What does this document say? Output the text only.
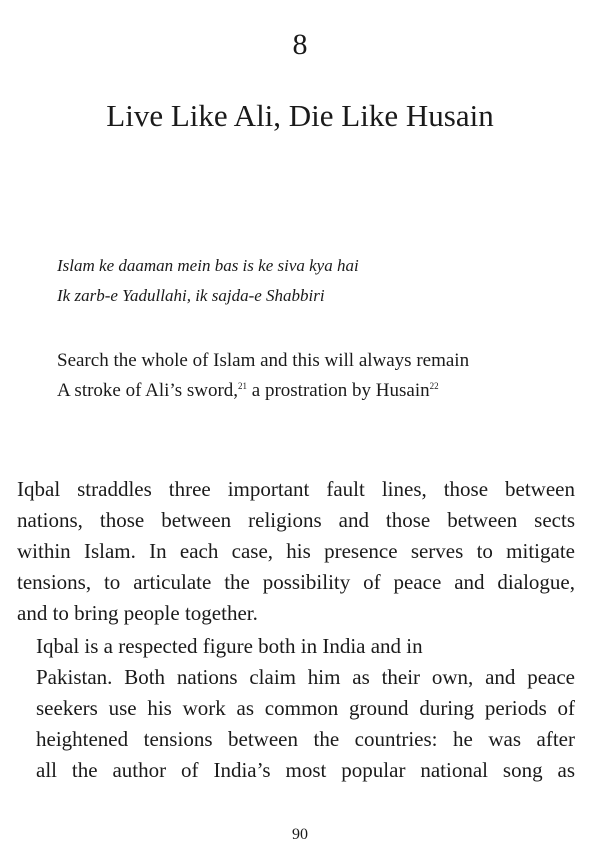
8
Live Like Ali, Die Like Husain
Islam ke daaman mein bas is ke siva kya hai
Ik zarb-e Yadullahi, ik sajda-e Shabbiri
Search the whole of Islam and this will always remain
A stroke of Ali’s sword,$^{21}$ a prostration by Husain$^{22}$

Iqbal straddles three important fault lines, those between
nations, those between religions and those between sects
within Islam. In each case, his presence serves to mitigate
tensions, to articulate the possibility of peace and dialogue,
and to bring people together.

Iqbal is a respected figure both in India and in
Pakistan. Both nations claim him as their own, and peace
seekers use his work as common ground during periods of
heightened tensions between the countries: he was after
all the author of India’s most popular national song as

90
